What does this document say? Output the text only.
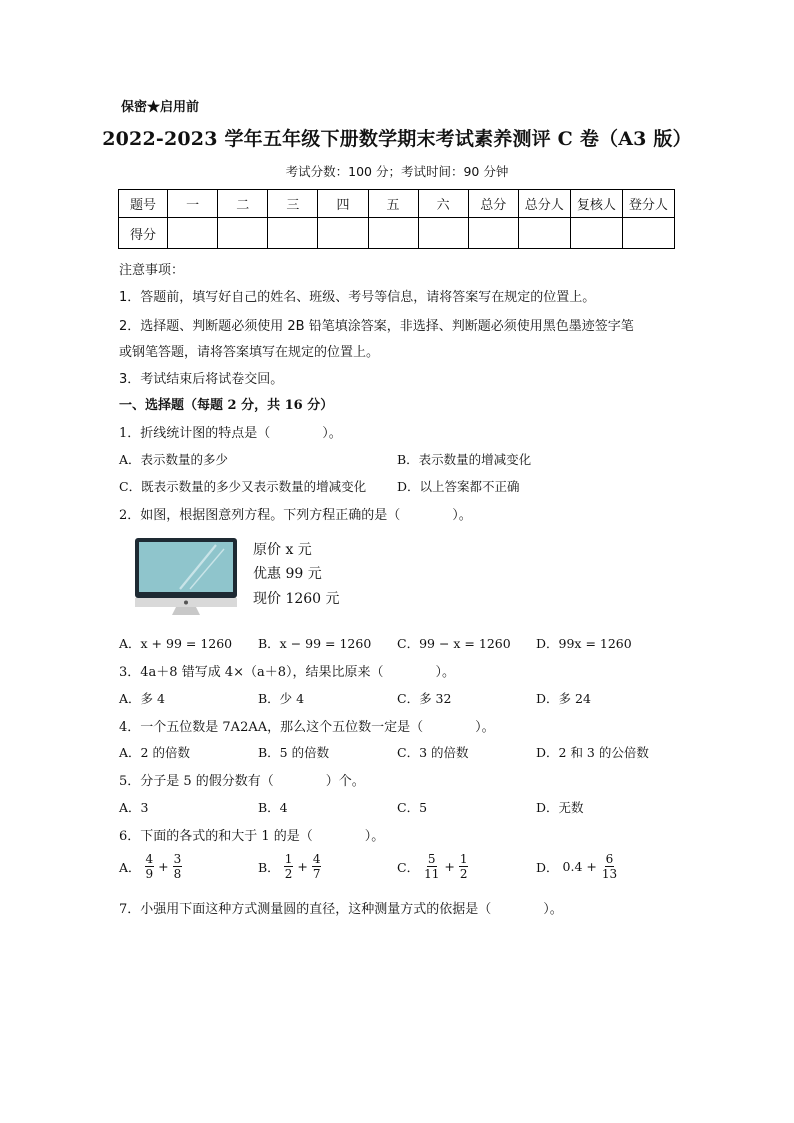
保密★启用前
2022-2023 学年五年级下册数学期末考试素养测评 C 卷（A3 版）
考试分数：100 分；考试时间：90 分钟
题号	一	二	三	四	五	六	总分	总分人	复核人	登分人
得分										
注意事项：
1．答题前，填写好自己的姓名、班级、考号等信息，请将答案写在规定的位置上。
2．选择题、判断题必须使用 2B 铅笔填涂答案，非选择、判断题必须使用黑色墨迹签字笔
或钢笔答题，请将答案填写在规定的位置上。
3．考试结束后将试卷交回。
一、选择题（每题 2 分，共 16 分）
1．折线统计图的特点是（　　　　）。
A．表示数量的多少	B．表示数量的增减变化
C．既表示数量的多少又表示数量的增减变化 D．以上答案都不正确
2．如图，根据图意列方程。下列方程正确的是（　　　　）。
原价 x 元
优惠 99 元
现价 1260 元
A．x + 99 = 1260 B．x − 99 = 1260 C．99 − x = 1260 D．99x = 1260
3．4a＋8 错写成 4×（a＋8），结果比原来（　　　　）。
A．多 4	B．少 4	C．多 32	D．多 24
4．一个五位数是 7A2AA，那么这个五位数一定是（　　　　）。
A．2 的倍数	B．5 的倍数	C．3 的倍数	D．2 和 3 的公倍数
5．分子是 5 的假分数有（　　　　）个。
A．3	B．4	C．5	D．无数
6．下面的各式的和大于 1 的是（　　　　）。
A． $\frac{4}{9} + \frac{3}{8}$	B． $\frac{1}{2} + \frac{4}{7}$	C． $\frac{5}{11} + \frac{1}{2}$	D． $0.4 + \frac{6}{13}$
7．小强用下面这种方式测量圆的直径，这种测量方式的依据是（　　　　）。
